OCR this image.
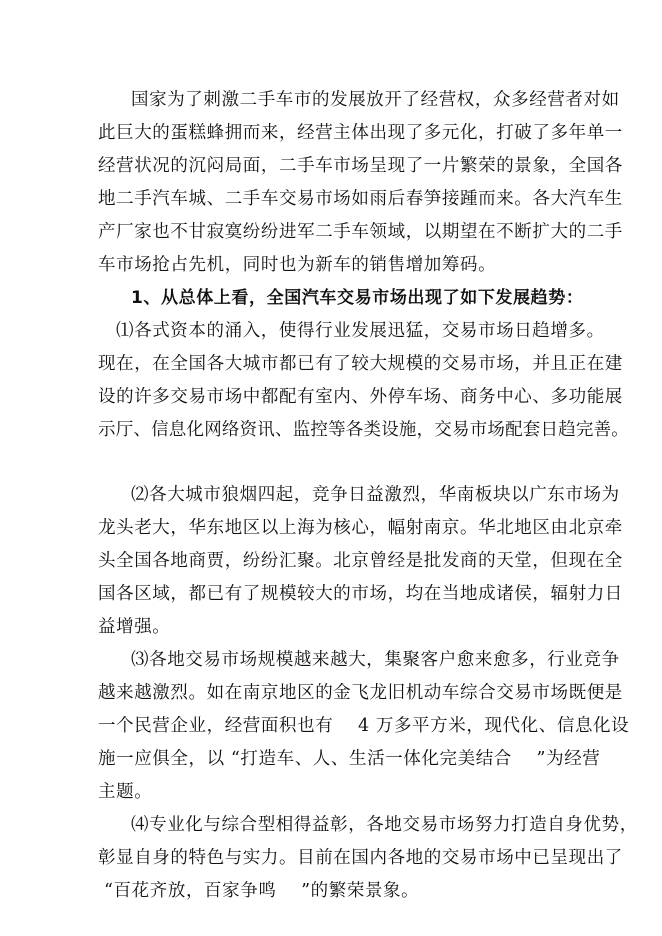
国家为了刺激二手车市的发展放开了经营权，众多经营者对如
此巨大的蛋糕蜂拥而来，经营主体出现了多元化，打破了多年单一
经营状况的沉闷局面，二手车市场呈现了一片繁荣的景象，全国各
地二手汽车城、二手车交易市场如雨后春笋接踵而来。各大汽车生
产厂家也不甘寂寞纷纷进军二手车领域，以期望在不断扩大的二手
车市场抢占先机，同时也为新车的销售增加筹码。
1、从总体上看，全国汽车交易市场出现了如下发展趋势：
⑴各式资本的涌入，使得行业发展迅猛，交易市场日趋增多。
现在，在全国各大城市都已有了较大规模的交易市场，并且正在建
设的许多交易市场中都配有室内、外停车场、商务中心、多功能展
示厅、信息化网络资讯、监控等各类设施，交易市场配套日趋完善。
⑵各大城市狼烟四起，竞争日益激烈，华南板块以广东市场为
龙头老大，华东地区以上海为核心，幅射南京。华北地区由北京牵
头全国各地商贾，纷纷汇聚。北京曾经是批发商的天堂，但现在全
国各区域，都已有了规模较大的市场，均在当地成诸侯，辐射力日
益增强。
⑶各地交易市场规模越来越大，集聚客户愈来愈多，行业竞争
越来越激烈。如在南京地区的金飞龙旧机动车综合交易市场既便是
一个民营企业，经营面积也有    4 万多平方米，现代化、信息化设
施一应俱全，以 “打造车、人、生活一体化完美结合    ”为经营
主题。
⑷专业化与综合型相得益彰，各地交易市场努力打造自身优势，
彰显自身的特色与实力。目前在国内各地的交易市场中已呈现出了
“百花齐放，百家争鸣    ”的繁荣景象。
